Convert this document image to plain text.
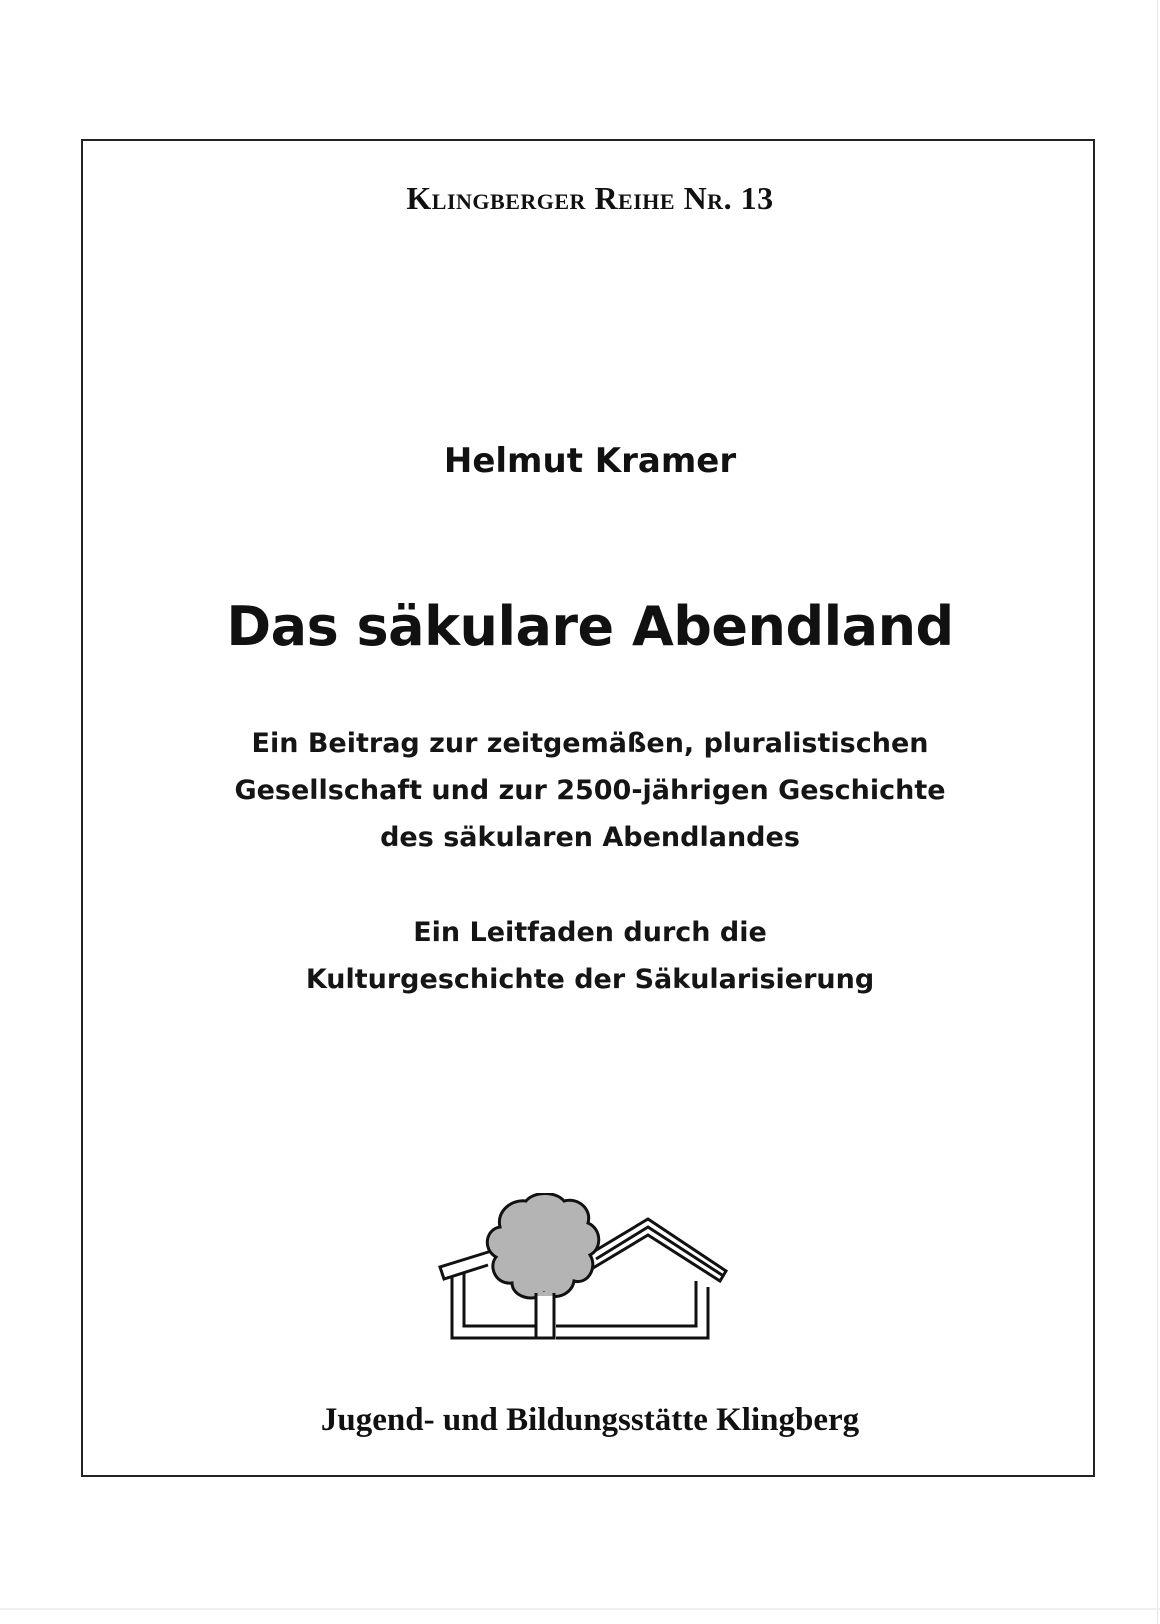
Klingberger Reihe Nr. 13
Helmut Kramer
Das säkulare Abendland
Ein Beitrag zur zeitgemäßen, pluralistischen
Gesellschaft und zur 2500-jährigen Geschichte
des säkularen Abendlandes
Ein Leitfaden durch die
Kulturgeschichte der Säkularisierung
Jugend- und Bildungsstätte Klingberg
